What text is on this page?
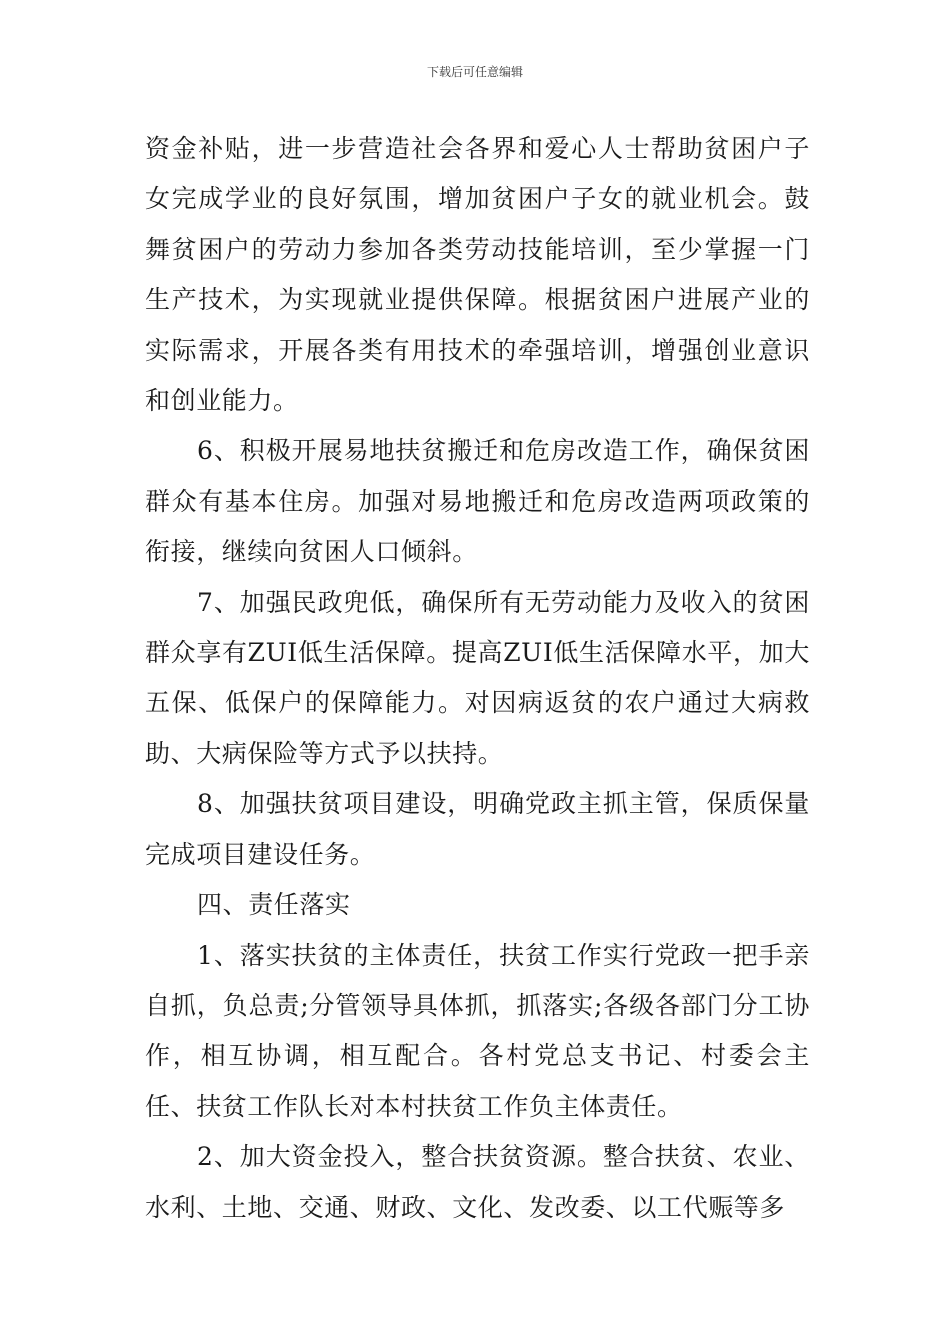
下载后可任意编辑

资金补贴，进一步营造社会各界和爱心人士帮助贫困户子女完成学业的良好氛围，增加贫困户子女的就业机会。鼓舞贫困户的劳动力参加各类劳动技能培训，至少掌握一门生产技术，为实现就业提供保障。根据贫困户进展产业的实际需求，开展各类有用技术的牵强培训，增强创业意识和创业能力。

6、积极开展易地扶贫搬迁和危房改造工作，确保贫困群众有基本住房。加强对易地搬迁和危房改造两项政策的衔接，继续向贫困人口倾斜。

7、加强民政兜低，确保所有无劳动能力及收入的贫困群众享有ZUI低生活保障。提高ZUI低生活保障水平，加大五保、低保户的保障能力。对因病返贫的农户通过大病救助、大病保险等方式予以扶持。

8、加强扶贫项目建设，明确党政主抓主管，保质保量完成项目建设任务。

四、责任落实

1、落实扶贫的主体责任，扶贫工作实行党政一把手亲自抓，负总责;分管领导具体抓，抓落实;各级各部门分工协作，相互协调，相互配合。各村党总支书记、村委会主任、扶贫工作队长对本村扶贫工作负主体责任。

2、加大资金投入，整合扶贫资源。整合扶贫、农业、水利、土地、交通、财政、文化、发改委、以工代赈等多
